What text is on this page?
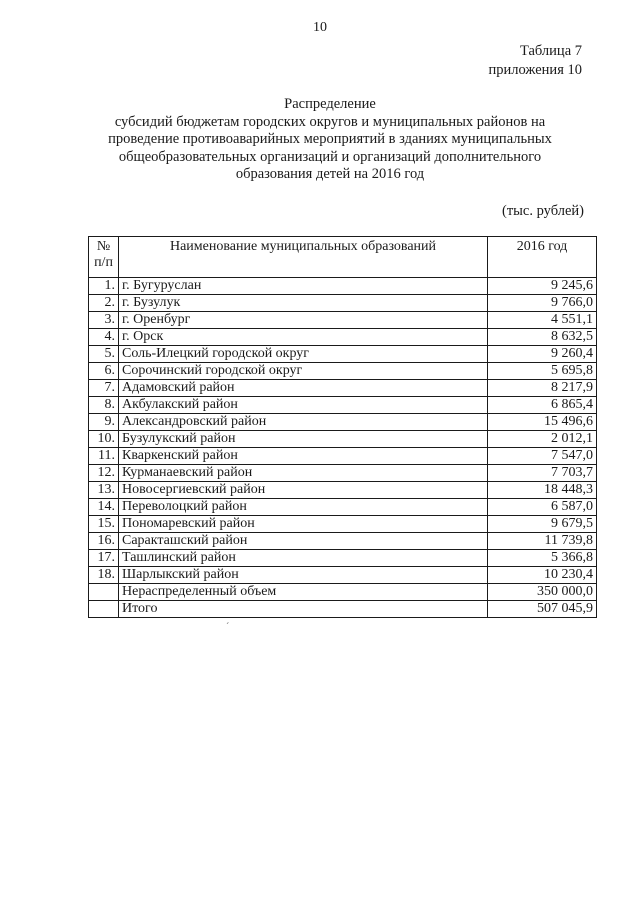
10
Таблица 7
приложения 10
Распределение
субсидий бюджетам городских округов и муниципальных районов на
проведение противоаварийных мероприятий в зданиях муниципальных
общеобразовательных организаций и организаций дополнительного
образования детей на 2016 год
(тыс. рублей)
№
п/п	Наименование муниципальных образований	2016 год
1.	г. Бугуруслан	9 245,6
2.	г. Бузулук	9 766,0
3.	г. Оренбург	4 551,1
4.	г. Орск	8 632,5
5.	Соль-Илецкий городской округ	9 260,4
6.	Сорочинский городской округ	5 695,8
7.	Адамовский район	8 217,9
8.	Акбулакский район	6 865,4
9.	Александровский район	15 496,6
10.	Бузулукский район	2 012,1
11.	Кваркенский район	7 547,0
12.	Курманаевский район	7 703,7
13.	Новосергиевский район	18 448,3
14.	Переволоцкий район	6 587,0
15.	Пономаревский район	9 679,5
16.	Саракташский район	11 739,8
17.	Ташлинский район	5 366,8
18.	Шарлыкский район	10 230,4
	Нераспределенный объем	350 000,0
	Итого	507 045,9
ˊ
